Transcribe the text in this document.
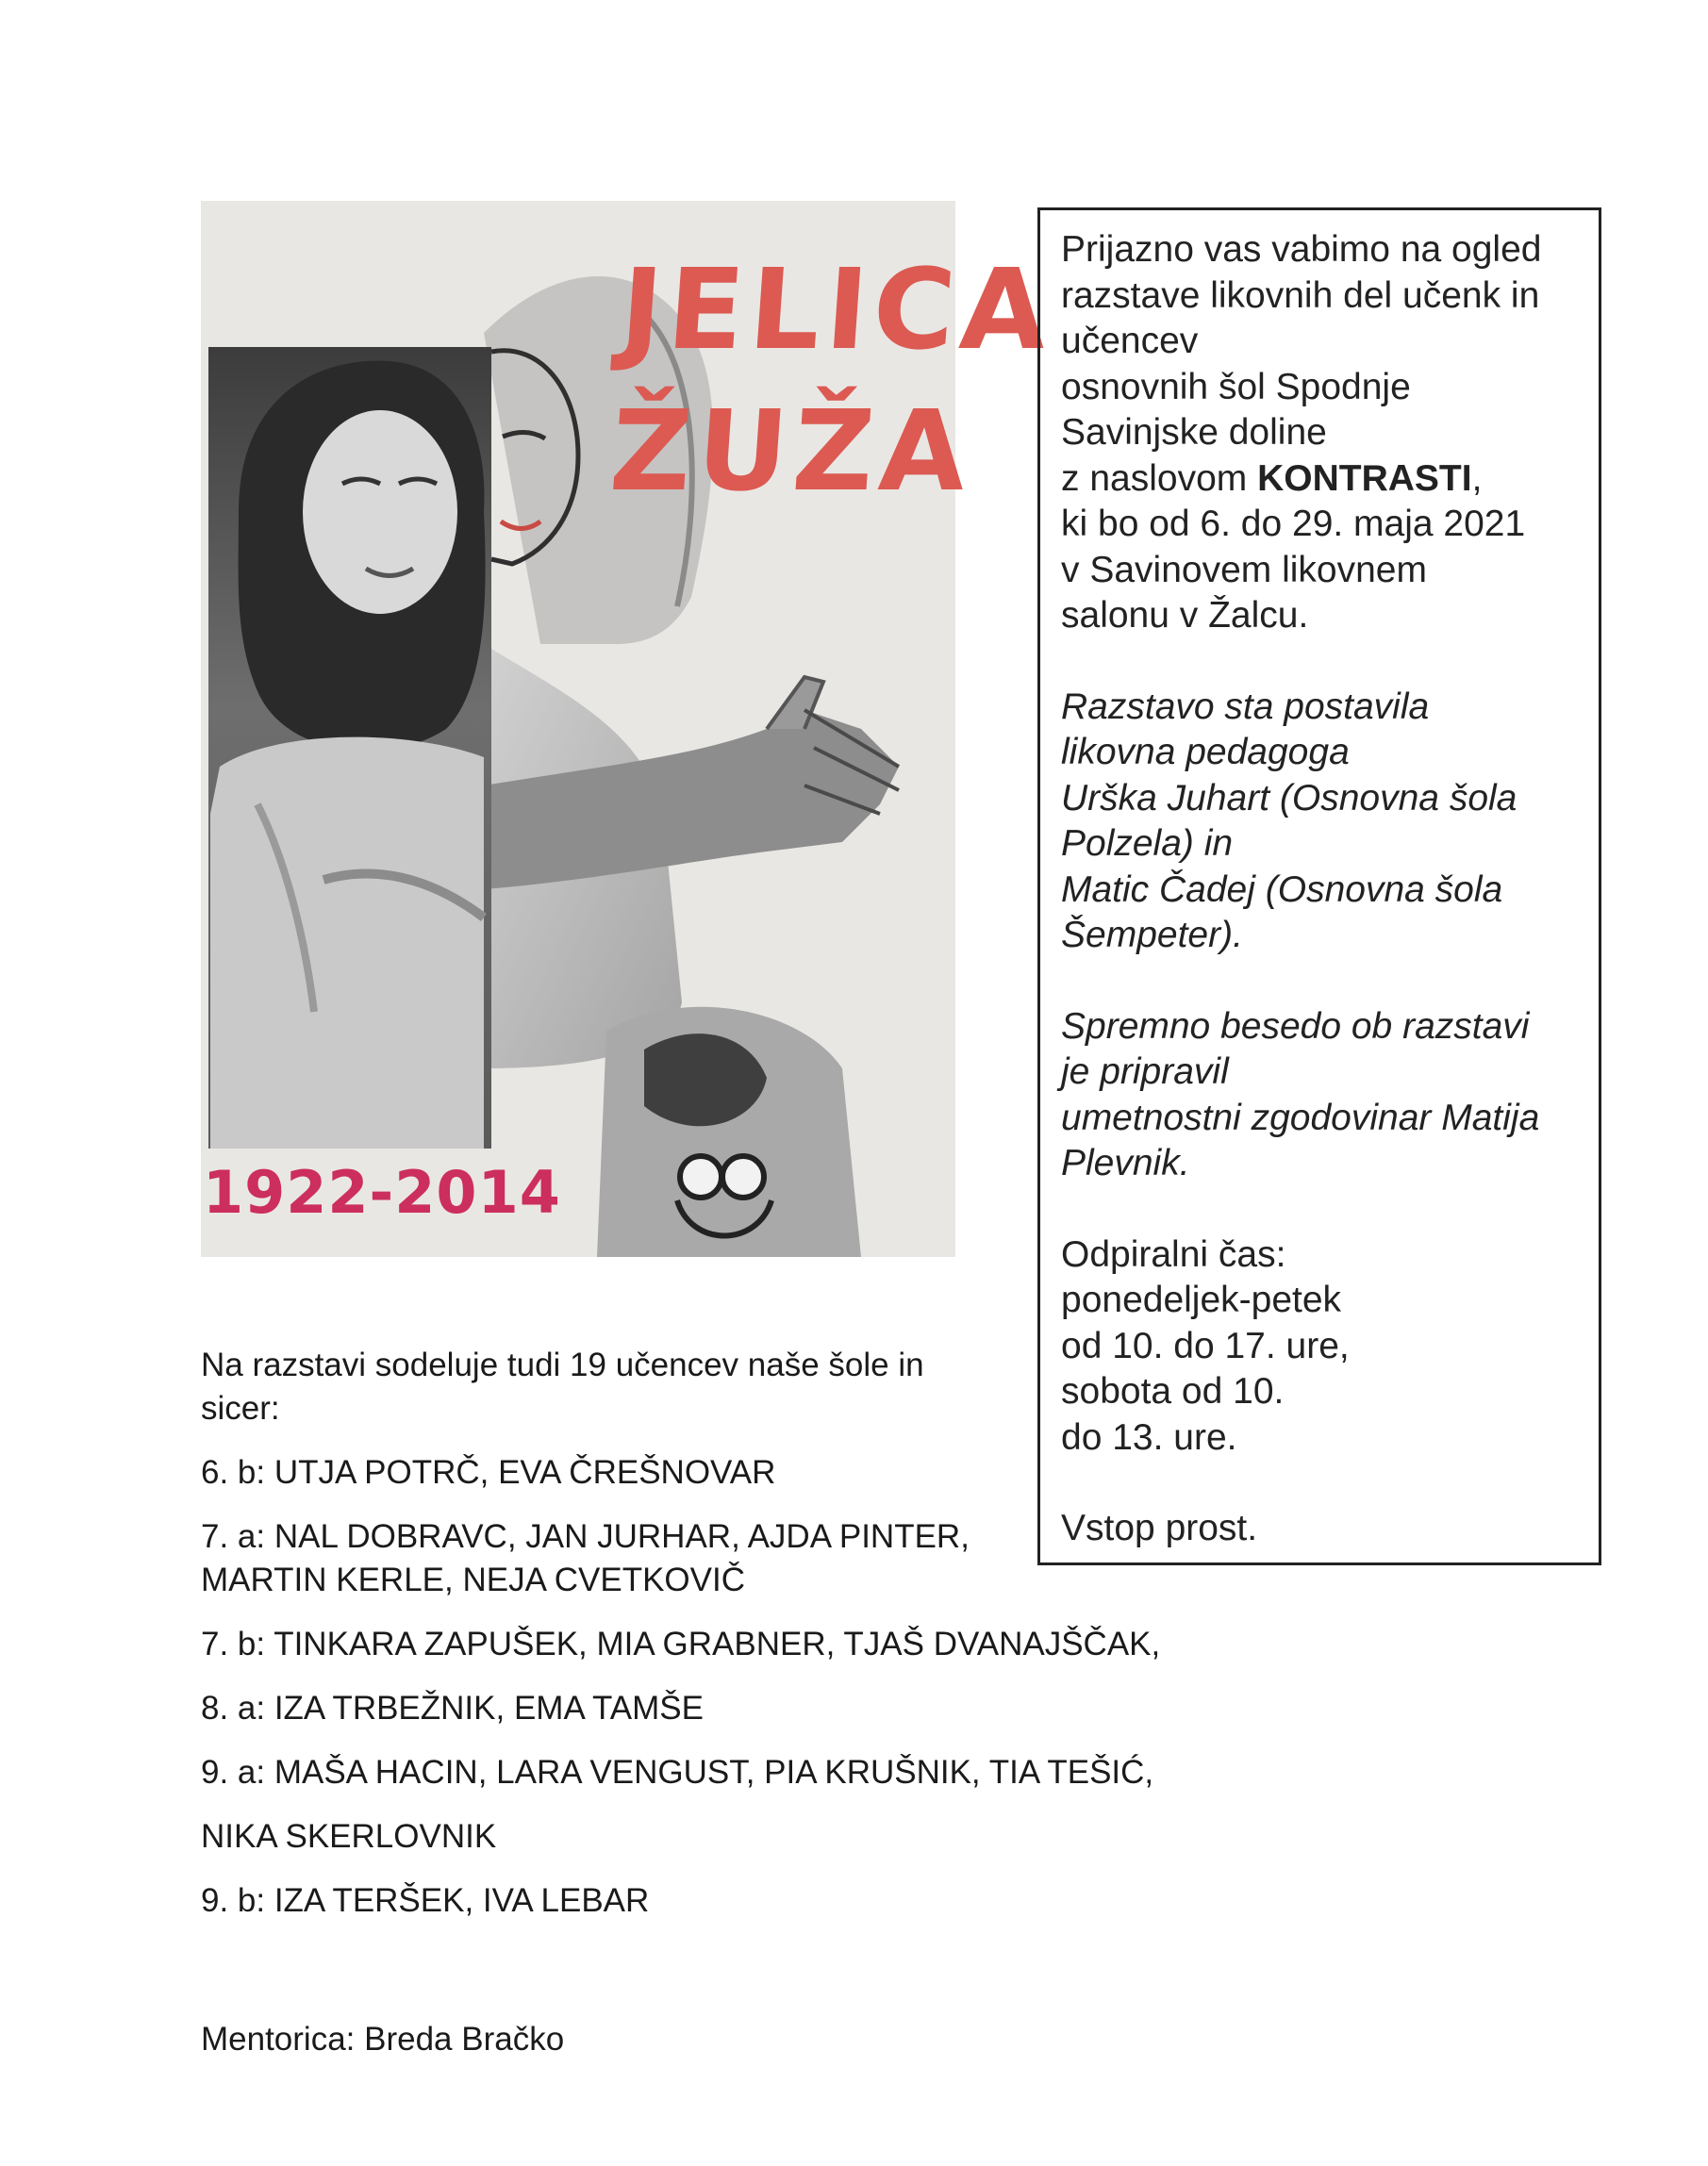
JELICA
ŽUŽA
1922-2014

Prijazno vas vabimo na ogled
razstave likovnih del učenk in
učencev
osnovnih šol Spodnje
Savinjske doline
z naslovom KONTRASTI,
ki bo od 6. do 29. maja 2021
v Savinovem likovnem
salonu v Žalcu.

Razstavo sta postavila
likovna pedagoga
Urška Juhart (Osnovna šola
Polzela) in
Matic Čadej (Osnovna šola
Šempeter).

Spremno besedo ob razstavi
je pripravil
umetnostni zgodovinar Matija
Plevnik.

Odpiralni čas:
ponedeljek-petek
od 10. do 17. ure,
sobota od 10.
do 13. ure.

Vstop prost.

Na razstavi sodeluje tudi 19 učencev naše šole in
sicer:
6. b: UTJA POTRČ, EVA ČREŠNOVAR
7. a: NAL DOBRAVC, JAN JURHAR, AJDA PINTER,
MARTIN KERLE, NEJA CVETKOVIČ
7. b: TINKARA ZAPUŠEK, MIA GRABNER, TJAŠ DVANAJŠČAK,
8. a: IZA TRBEŽNIK, EMA TAMŠE
9. a: MAŠA HACIN, LARA VENGUST, PIA KRUŠNIK, TIA TEŠIĆ,
NIKA SKERLOVNIK
9. b: IZA TERŠEK, IVA LEBAR
Mentorica: Breda Bračko
